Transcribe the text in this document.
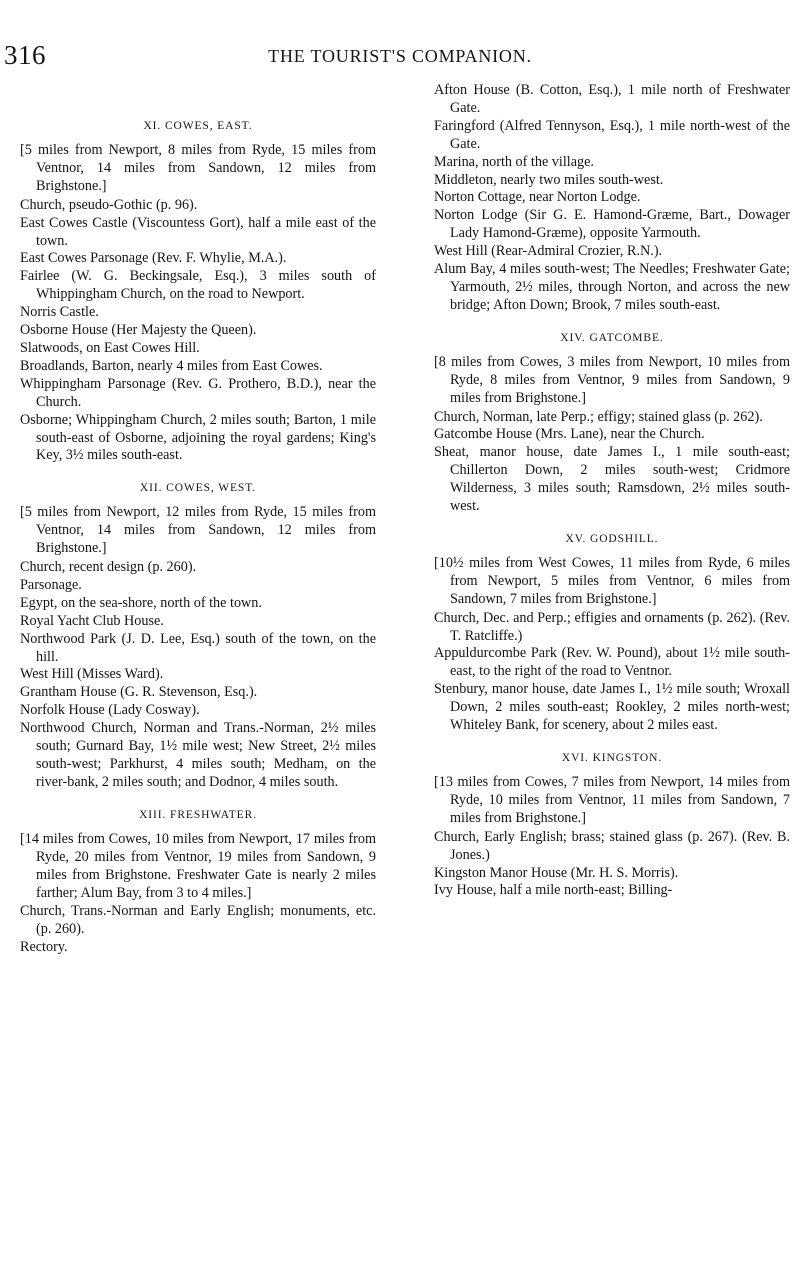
316	THE TOURIST'S COMPANION.
XI. COWES, EAST.

[5 miles from Newport, 8 miles from Ryde, 15 miles from Ventnor, 14 miles from Sandown, 12 miles from Brighstone.]

Church, pseudo-Gothic (p. 96).

East Cowes Castle (Viscountess Gort), half a mile east of the town.

East Cowes Parsonage (Rev. F. Whylie, M.A.).

Fairlee (W. G. Beckingsale, Esq.), 3 miles south of Whippingham Church, on the road to Newport.

Norris Castle.

Osborne House (Her Majesty the Queen).

Slatwoods, on East Cowes Hill.

Broadlands, Barton, nearly 4 miles from East Cowes.

Whippingham Parsonage (Rev. G. Prothero, B.D.), near the Church.

Osborne; Whippingham Church, 2 miles south; Barton, 1 mile south-east of Osborne, adjoining the royal gardens; King's Key, 3½ miles south-east.

XII. COWES, WEST.

[5 miles from Newport, 12 miles from Ryde, 15 miles from Ventnor, 14 miles from Sandown, 12 miles from Brighstone.]

Church, recent design (p. 260).

Parsonage.

Egypt, on the sea-shore, north of the town.

Royal Yacht Club House.

Northwood Park (J. D. Lee, Esq.) south of the town, on the hill.

West Hill (Misses Ward).

Grantham House (G. R. Stevenson, Esq.).

Norfolk House (Lady Cosway).

Northwood Church, Norman and Trans.-Norman, 2½ miles south; Gurnard Bay, 1½ mile west; New Street, 2½ miles south-west; Parkhurst, 4 miles south; Medham, on the river-bank, 2 miles south; and Dodnor, 4 miles south.

XIII. FRESHWATER.

[14 miles from Cowes, 10 miles from Newport, 17 miles from Ryde, 20 miles from Ventnor, 19 miles from Sandown, 9 miles from Brighstone. Freshwater Gate is nearly 2 miles farther; Alum Bay, from 3 to 4 miles.]

Church, Trans.-Norman and Early English; monuments, etc. (p. 260).

Rectory.

Afton House (B. Cotton, Esq.), 1 mile north of Freshwater Gate.

Faringford (Alfred Tennyson, Esq.), 1 mile north-west of the Gate.

Marina, north of the village.

Middleton, nearly two miles south-west.

Norton Cottage, near Norton Lodge.

Norton Lodge (Sir G. E. Hamond-Græme, Bart., Dowager Lady Hamond-Græme), opposite Yarmouth.

West Hill (Rear-Admiral Crozier, R.N.).

Alum Bay, 4 miles south-west; The Needles; Freshwater Gate; Yarmouth, 2½ miles, through Norton, and across the new bridge; Afton Down; Brook, 7 miles south-east.

XIV. GATCOMBE.

[8 miles from Cowes, 3 miles from Newport, 10 miles from Ryde, 8 miles from Ventnor, 9 miles from Sandown, 9 miles from Brighstone.]

Church, Norman, late Perp.; effigy; stained glass (p. 262).

Gatcombe House (Mrs. Lane), near the Church.

Sheat, manor house, date James I., 1 mile south-east; Chillerton Down, 2 miles south-west; Cridmore Wilderness, 3 miles south; Ramsdown, 2½ miles south-west.

XV. GODSHILL.

[10½ miles from West Cowes, 11 miles from Ryde, 6 miles from Newport, 5 miles from Ventnor, 6 miles from Sandown, 7 miles from Brighstone.]

Church, Dec. and Perp.; effigies and ornaments (p. 262). (Rev. T. Ratcliffe.)

Appuldurcombe Park (Rev. W. Pound), about 1½ mile south-east, to the right of the road to Ventnor.

Stenbury, manor house, date James I., 1½ mile south; Wroxall Down, 2 miles south-east; Rookley, 2 miles north-west; Whiteley Bank, for scenery, about 2 miles east.

XVI. KINGSTON.

[13 miles from Cowes, 7 miles from Newport, 14 miles from Ryde, 10 miles from Ventnor, 11 miles from Sandown, 7 miles from Brighstone.]

Church, Early English; brass; stained glass (p. 267). (Rev. B. Jones.)

Kingston Manor House (Mr. H. S. Morris).

Ivy House, half a mile north-east; Billing-
